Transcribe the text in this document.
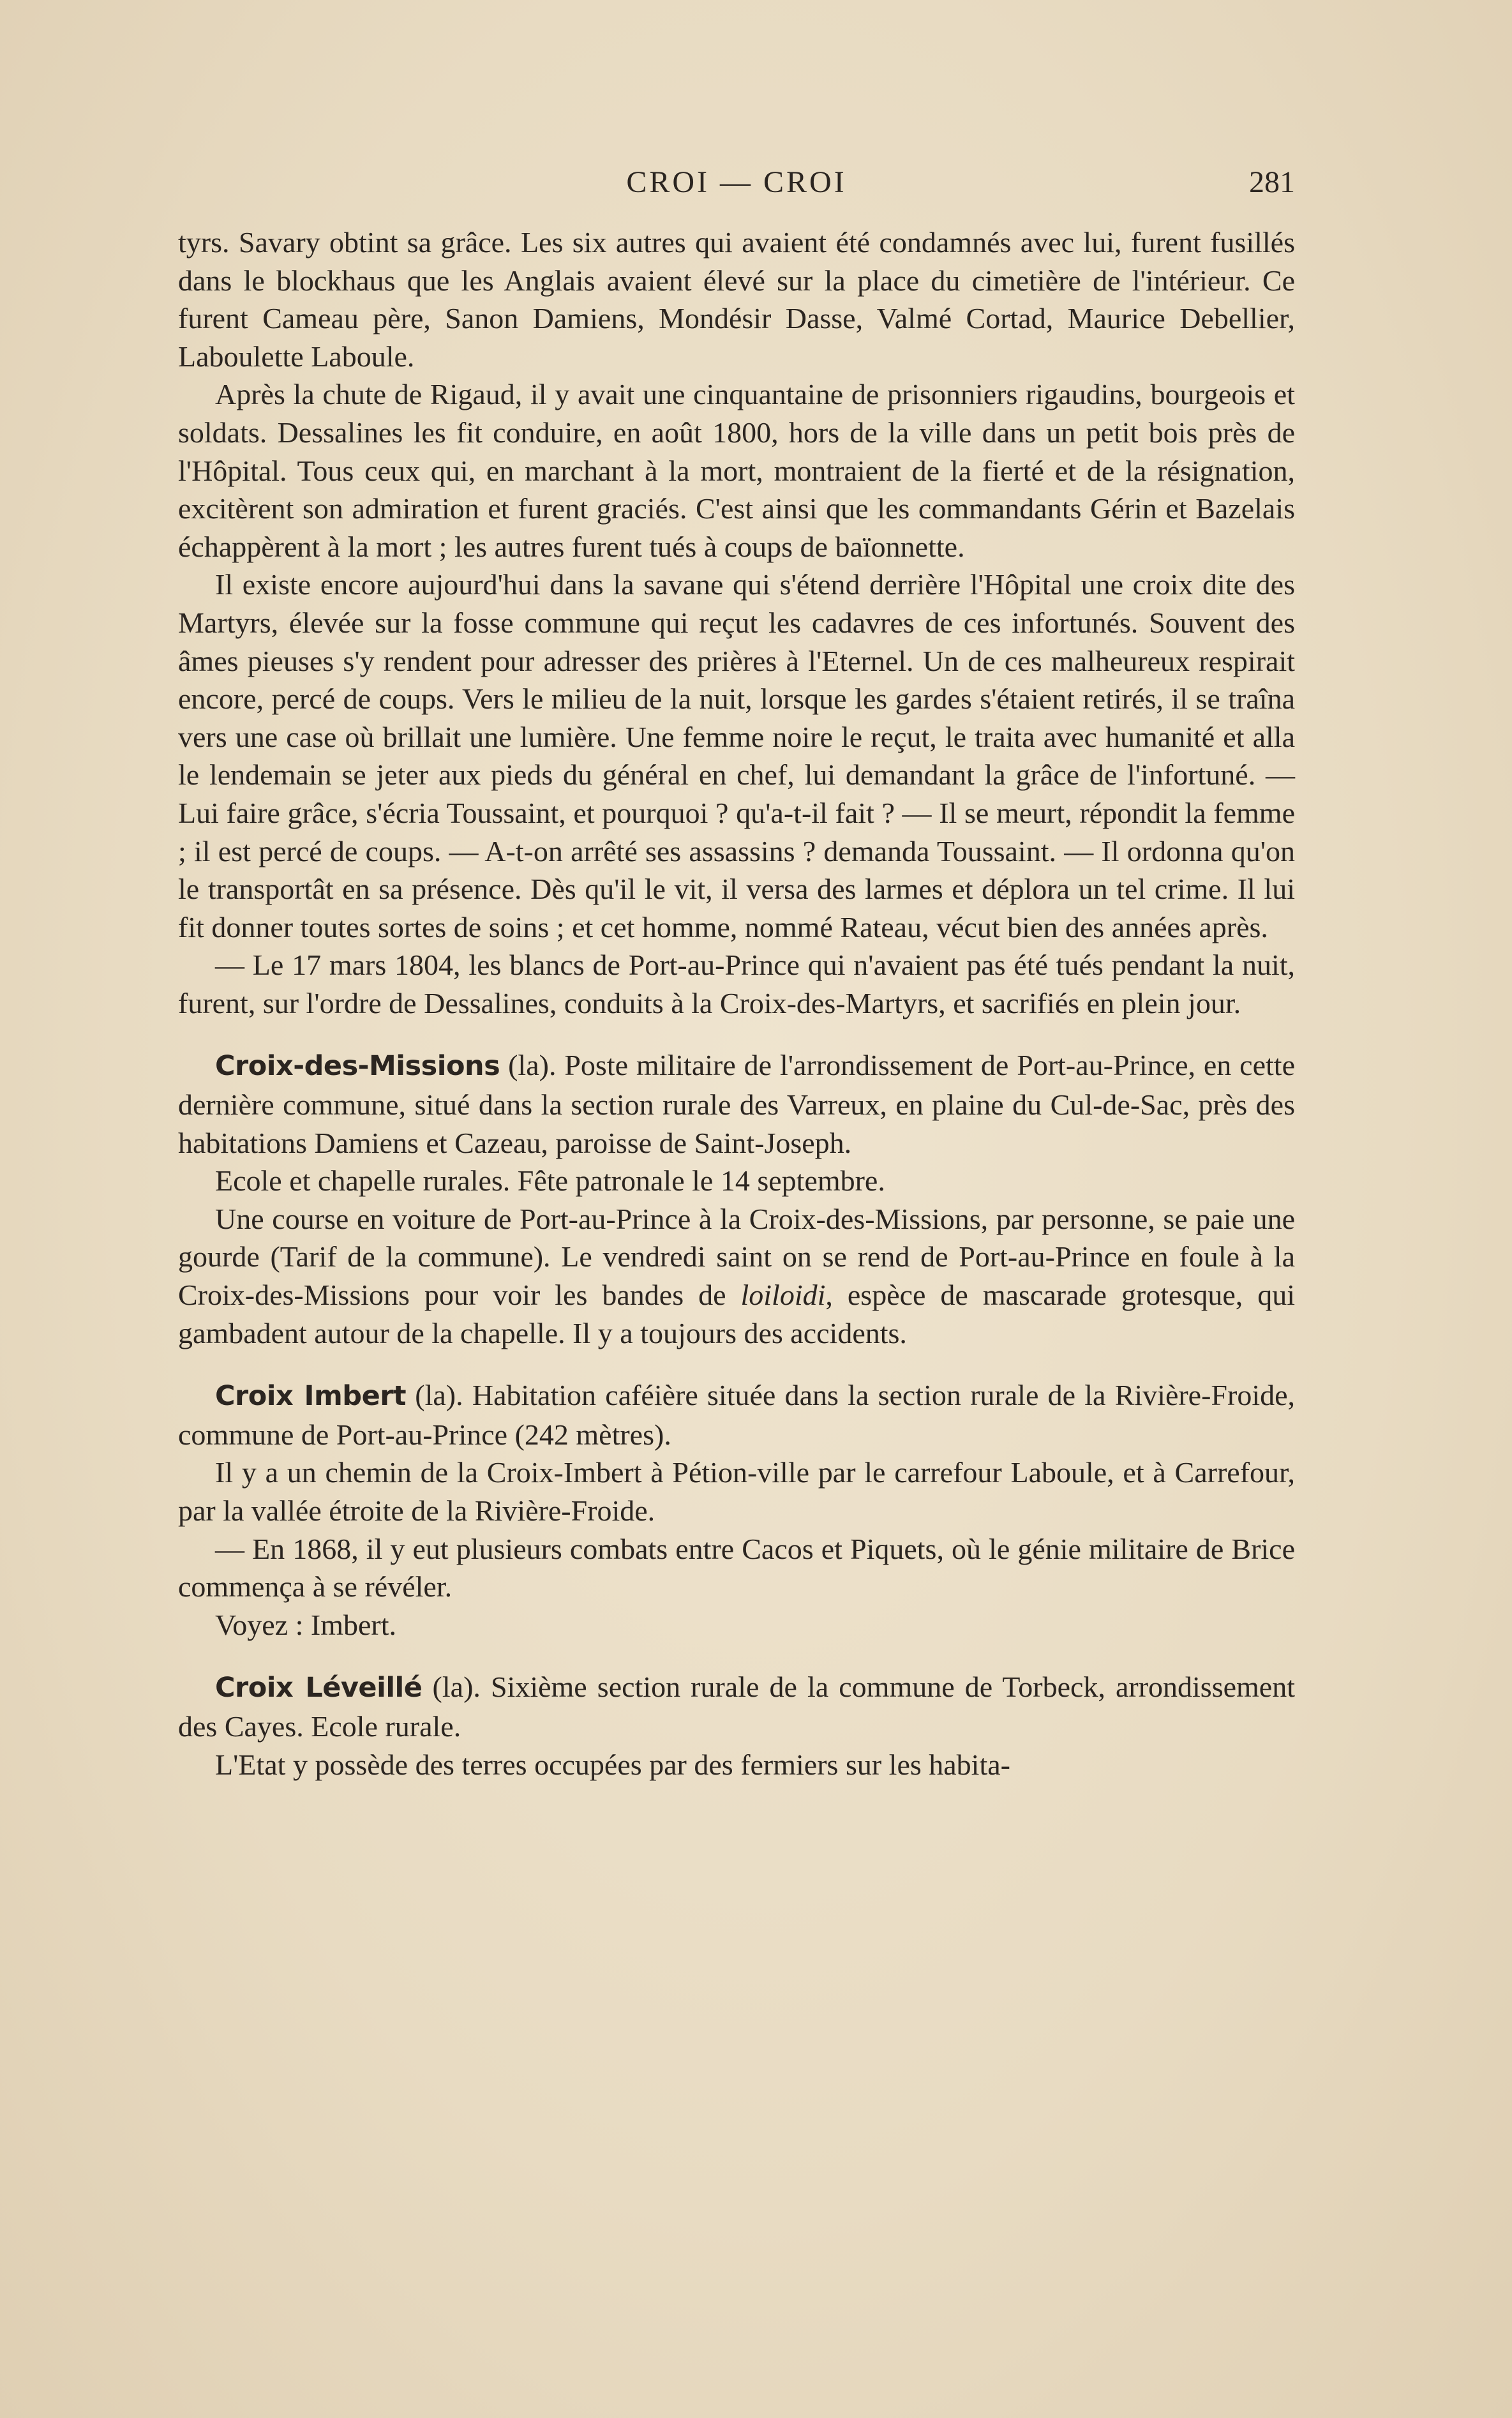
CROI — CROI	281

tyrs. Savary obtint sa grâce. Les six autres qui avaient été condamnés avec lui, furent fusillés dans le blockhaus que les Anglais avaient élevé sur la place du cimetière de l'intérieur. Ce furent Cameau père, Sanon Damiens, Mondésir Dasse, Valmé Cortad, Maurice Debellier, Laboulette Laboule.

Après la chute de Rigaud, il y avait une cinquantaine de prisonniers rigaudins, bourgeois et soldats. Dessalines les fit conduire, en août 1800, hors de la ville dans un petit bois près de l'Hôpital. Tous ceux qui, en marchant à la mort, montraient de la fierté et de la résignation, excitèrent son admiration et furent graciés. C'est ainsi que les commandants Gérin et Bazelais échappèrent à la mort ; les autres furent tués à coups de baïonnette.

Il existe encore aujourd'hui dans la savane qui s'étend derrière l'Hôpital une croix dite des Martyrs, élevée sur la fosse commune qui reçut les cadavres de ces infortunés. Souvent des âmes pieuses s'y rendent pour adresser des prières à l'Eternel. Un de ces malheureux respirait encore, percé de coups. Vers le milieu de la nuit, lorsque les gardes s'étaient retirés, il se traîna vers une case où brillait une lumière. Une femme noire le reçut, le traita avec humanité et alla le lendemain se jeter aux pieds du général en chef, lui demandant la grâce de l'infortuné. — Lui faire grâce, s'écria Toussaint, et pourquoi ? qu'a-t-il fait ? — Il se meurt, répondit la femme ; il est percé de coups. — A-t-on arrêté ses assassins ? demanda Toussaint. — Il ordonna qu'on le transportât en sa présence. Dès qu'il le vit, il versa des larmes et déplora un tel crime. Il lui fit donner toutes sortes de soins ; et cet homme, nommé Rateau, vécut bien des années après.

— Le 17 mars 1804, les blancs de Port-au-Prince qui n'avaient pas été tués pendant la nuit, furent, sur l'ordre de Dessalines, conduits à la Croix-des-Martyrs, et sacrifiés en plein jour.

Croix-des-Missions (la). Poste militaire de l'arrondissement de Port-au-Prince, en cette dernière commune, situé dans la section rurale des Varreux, en plaine du Cul-de-Sac, près des habitations Damiens et Cazeau, paroisse de Saint-Joseph.

Ecole et chapelle rurales. Fête patronale le 14 septembre.

Une course en voiture de Port-au-Prince à la Croix-des-Missions, par personne, se paie une gourde (Tarif de la commune). Le vendredi saint on se rend de Port-au-Prince en foule à la Croix-des-Missions pour voir les bandes de loiloidi, espèce de mascarade grotesque, qui gambadent autour de la chapelle. Il y a toujours des accidents.

Croix Imbert (la). Habitation caféière située dans la section rurale de la Rivière-Froide, commune de Port-au-Prince (242 mètres).

Il y a un chemin de la Croix-Imbert à Pétion-ville par le carrefour Laboule, et à Carrefour, par la vallée étroite de la Rivière-Froide.

— En 1868, il y eut plusieurs combats entre Cacos et Piquets, où le génie militaire de Brice commença à se révéler.

Voyez : Imbert.

Croix Léveillé (la). Sixième section rurale de la commune de Torbeck, arrondissement des Cayes. Ecole rurale.

L'Etat y possède des terres occupées par des fermiers sur les habita-
